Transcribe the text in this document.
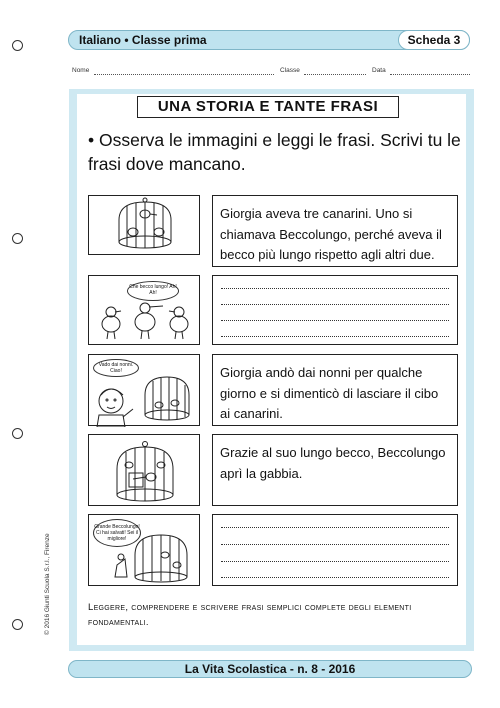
Italiano • Classe prima	Scheda 3
Nome	Classe	Data
UNA STORIA E TANTE FRASI
• Osserva le immagini e leggi le frasi. Scrivi tu le frasi dove mancano.
Giorgia aveva tre canarini. Uno si chiamava Beccolungo, perché aveva il becco più lungo rispetto agli altri due.
Che becco lungo! Ah! Ah!
Vado dai nonni. Ciao!	Giorgia andò dai nonni per qualche giorno e si dimenticò di lasciare il cibo ai canarini.
Grazie al suo lungo becco, Beccolungo aprì la gabbia.
Grande Beccolungo! Ci hai salvati! Sei il migliore!
Leggere, comprendere e scrivere frasi semplici complete degli elementi fondamentali.
La Vita Scolastica - n. 8 - 2016
© 2016 Giunti Scuola S.r.l., Firenze
